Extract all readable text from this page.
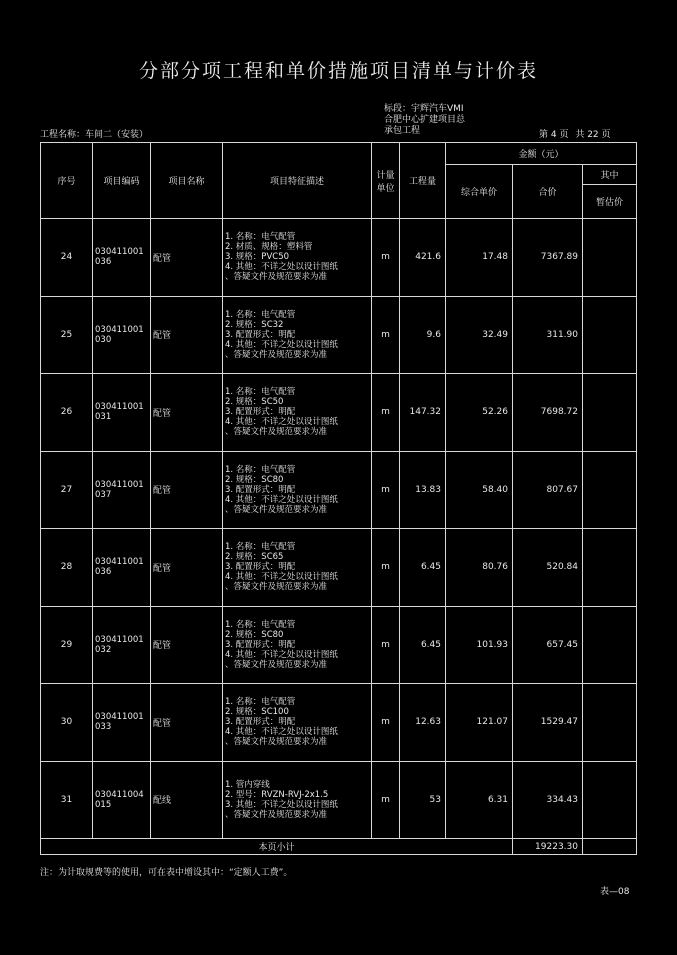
分部分项工程和单价措施项目清单与计价表
标段：宇辉汽车VMI
合肥中心扩建项目总
承包工程
工程名称：车间二（安装）	第 4 页 共 22 页
序号	项目编码	项目名称	项目特征描述	计量单位	工程量	金额（元）		
						综合单价	合价	其中
								暂估价
24	030411001036	配管	1. 名称：电气配管
2. 材质、规格：塑料管
3. 规格：PVC50
4. 其他：不详之处以设计图纸
、答疑文件及规范要求为准	m	421.6	17.48	7367.89	
25	030411001030	配管	1. 名称：电气配管
2. 规格：SC32
3. 配置形式：明配
4. 其他：不详之处以设计图纸
、答疑文件及规范要求为准	m	9.6	32.49	311.90	
26	030411001031	配管	1. 名称：电气配管
2. 规格：SC50
3. 配置形式：明配
4. 其他：不详之处以设计图纸
、答疑文件及规范要求为准	m	147.32	52.26	7698.72	
27	030411001037	配管	1. 名称：电气配管
2. 规格：SC80
3. 配置形式：明配
4. 其他：不详之处以设计图纸
、答疑文件及规范要求为准	m	13.83	58.40	807.67	
28	030411001036	配管	1. 名称：电气配管
2. 规格：SC65
3. 配置形式：明配
4. 其他：不详之处以设计图纸
、答疑文件及规范要求为准	m	6.45	80.76	520.84	
29	030411001032	配管	1. 名称：电气配管
2. 规格：SC80
3. 配置形式：明配
4. 其他：不详之处以设计图纸
、答疑文件及规范要求为准	m	6.45	101.93	657.45	
30	030411001033	配管	1. 名称：电气配管
2. 规格：SC100
3. 配置形式：明配
4. 其他：不详之处以设计图纸
、答疑文件及规范要求为准	m	12.63	121.07	1529.47	
31	030411004015	配线	1. 管内穿线
2. 型号：RVZN-RVJ-2x1.5
3. 其他：不详之处以设计图纸
、答疑文件及规范要求为准	m	53	6.31	334.43	
本页小计							19223.30	
注：为计取规费等的使用，可在表中增设其中：“定额人工费”。
表—08
